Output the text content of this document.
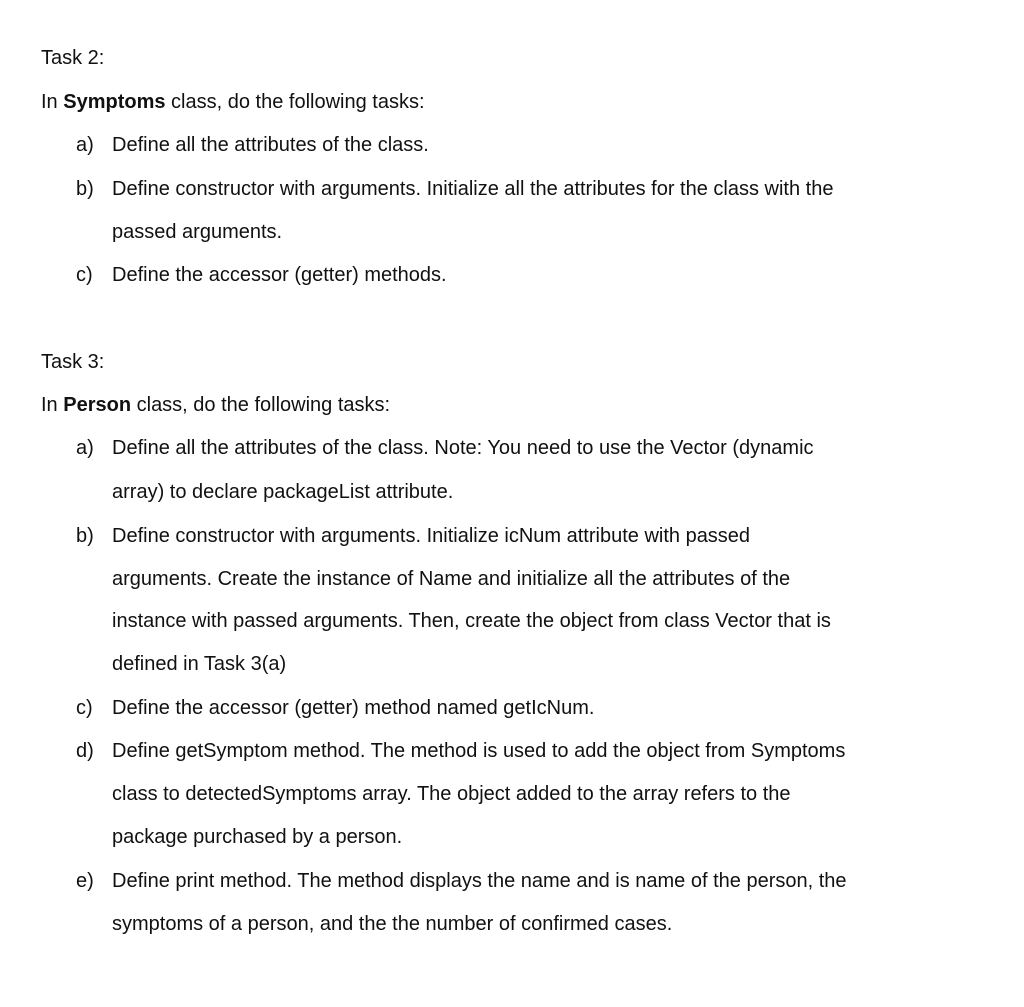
Task 2:
In Symptoms class, do the following tasks:
a) Define all the attributes of the class.
b) Define constructor with arguments. Initialize all the attributes for the class with the
passed arguments.
c) Define the accessor (getter) methods.
Task 3:
In Person class, do the following tasks:
a) Define all the attributes of the class. Note: You need to use the Vector (dynamic
array) to declare packageList attribute.
b) Define constructor with arguments. Initialize icNum attribute with passed
arguments. Create the instance of Name and initialize all the attributes of the
instance with passed arguments. Then, create the object from class Vector that is
defined in Task 3(a)
c) Define the accessor (getter) method named getIcNum.
d) Define getSymptom method. The method is used to add the object from Symptoms
class to detectedSymptoms array. The object added to the array refers to the
package purchased by a person.
e) Define print method. The method displays the name and is name of the person, the
symptoms of a person, and the the number of confirmed cases.
